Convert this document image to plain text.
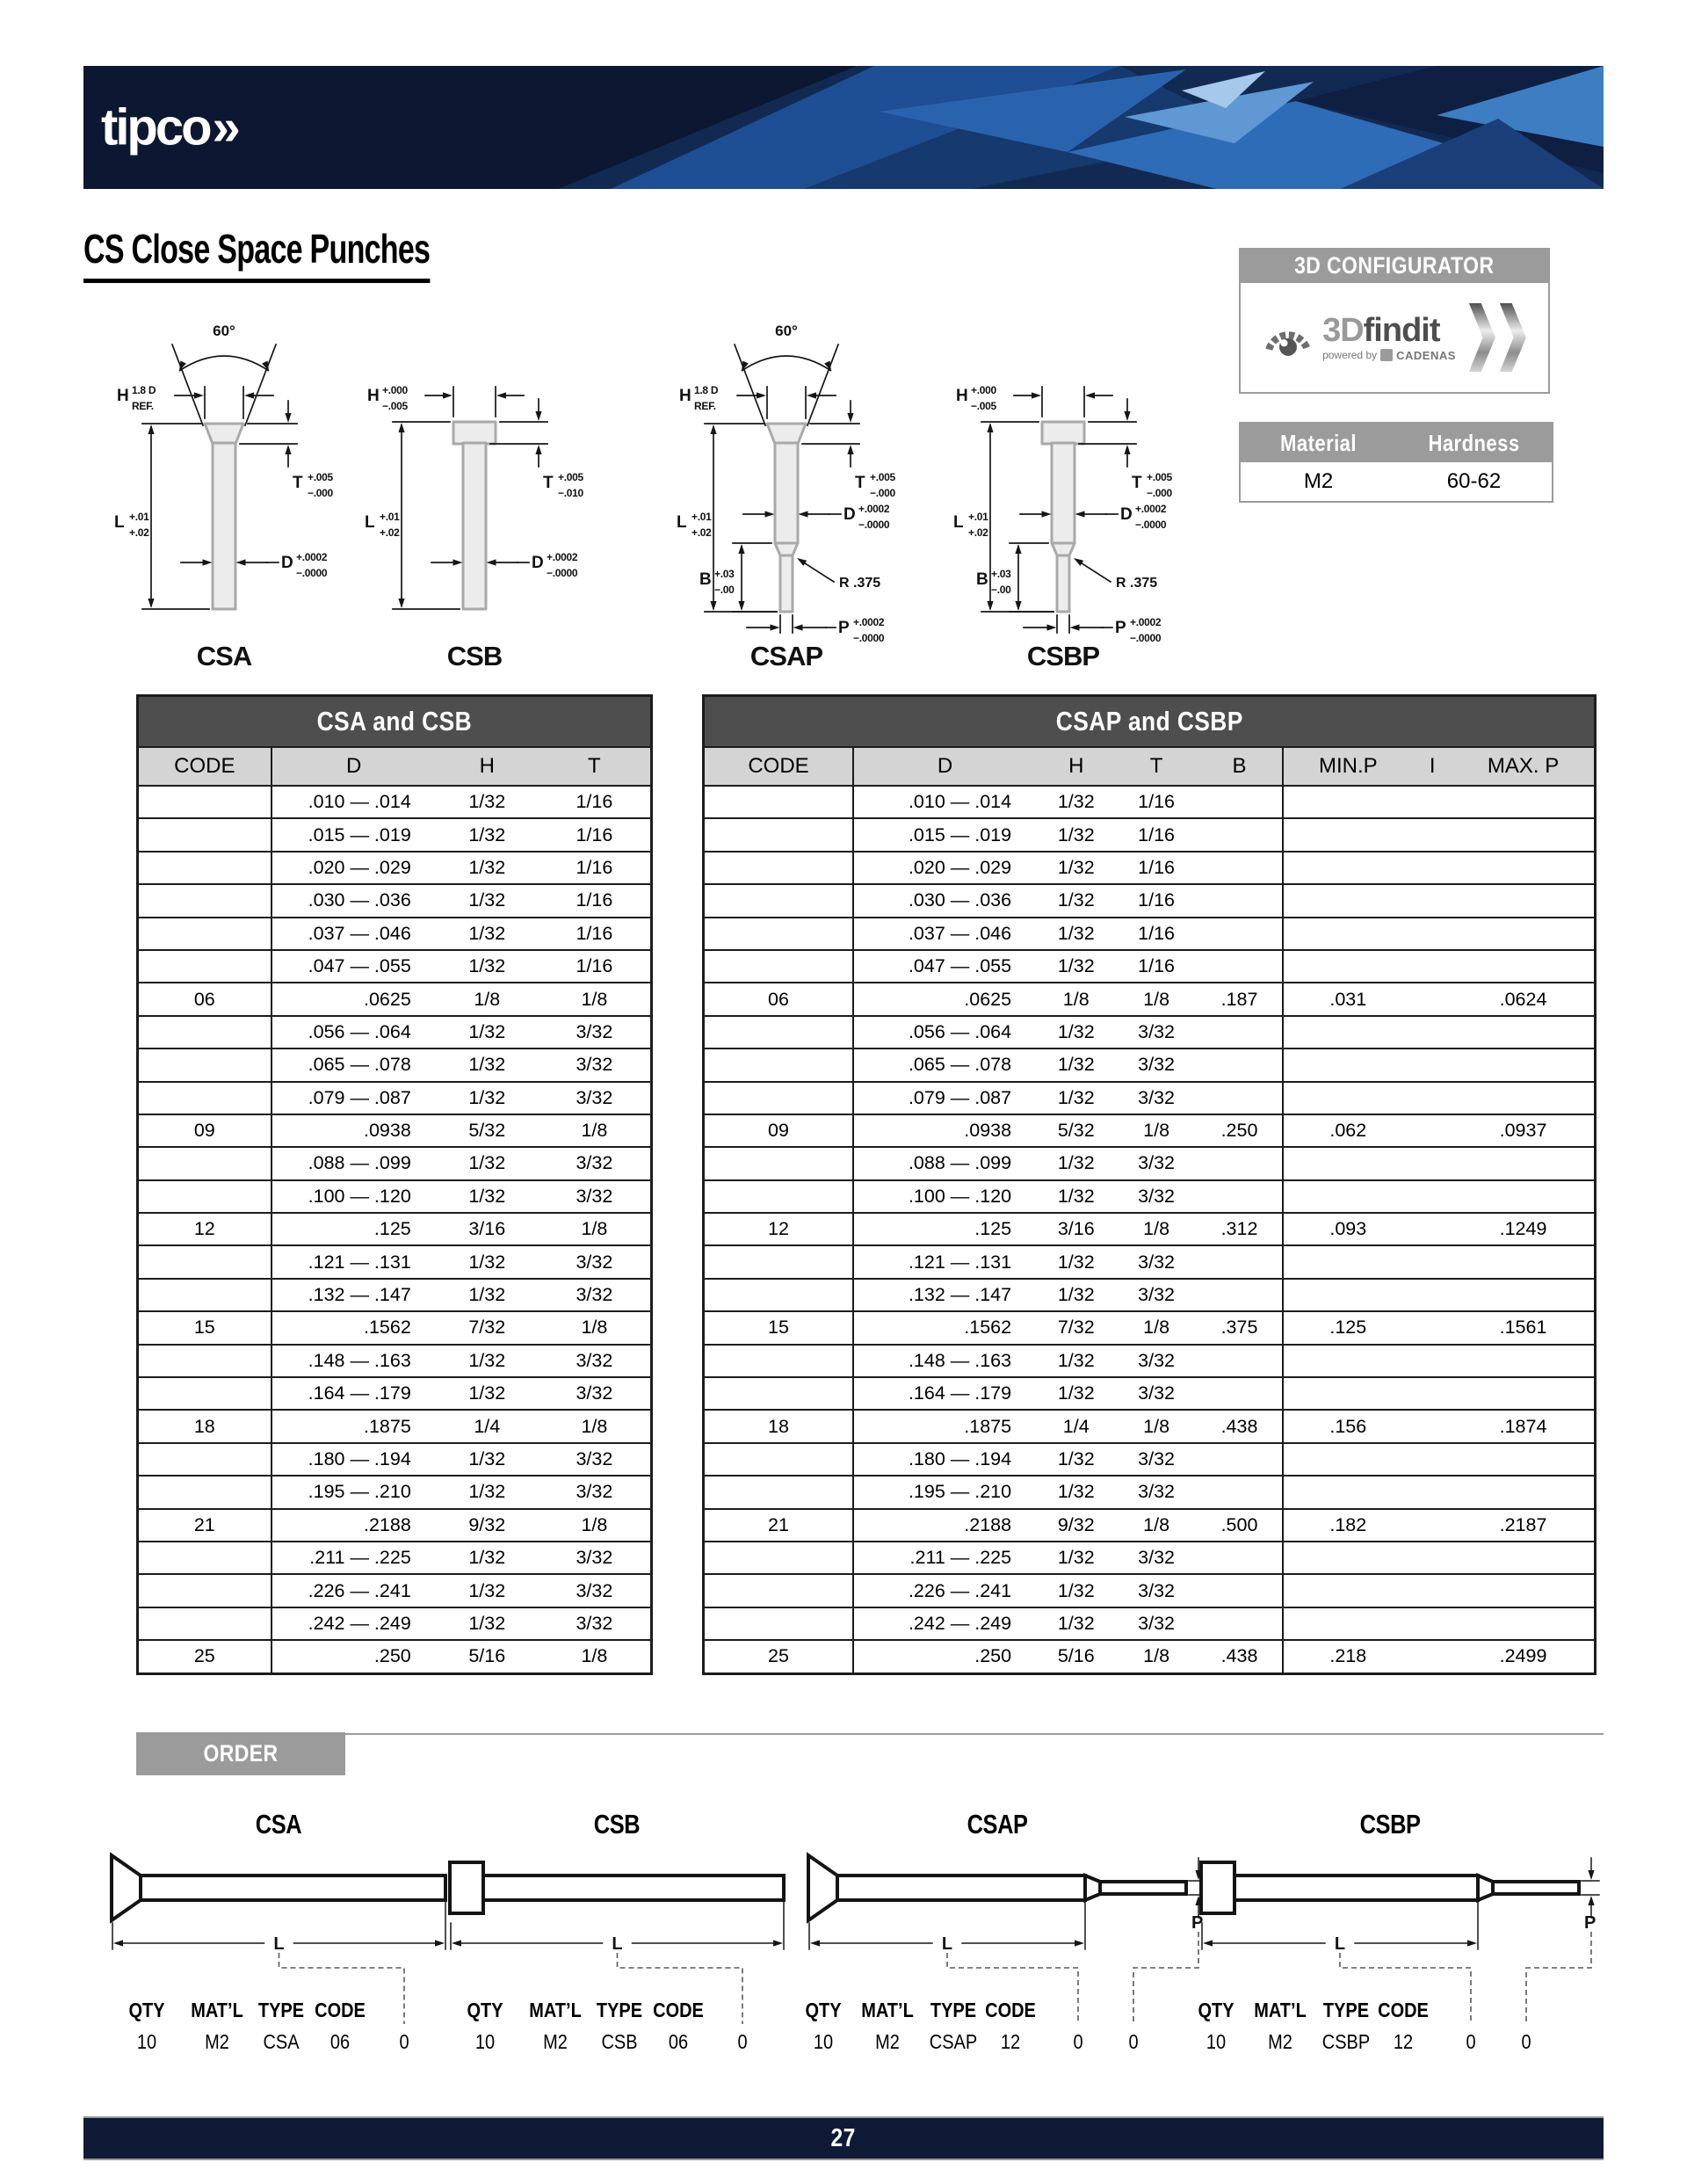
tipco»
CS Close Space Punches	3D CONFIGURATOR
3Dfindit
powered by CADENAS
Material	Hardness
M2	60-62
60°
H 1.8 D
REF.
T +.005
−.000
L +.01
+.02
D +.0002
−.0000
CSA
H +.000
−.005
T +.005
−.010
L +.01
+.02
D +.0002
−.0000
CSB
60°
H 1.8 D
REF.
T +.005
−.000
L +.01
+.02
D +.0002
−.0000
B +.03
−.00	R .375
P +.0002
−.0000
CSAP
H +.000
−.005
T +.005
−.000
L +.01
+.02
D +.0002
−.0000
B +.03
−.00	R .375
P +.0002
−.0000
CSBP
CSA and CSB			
CODE	D	H	T
	.010 — .014	1/32	1/16
	.015 — .019	1/32	1/16
	.020 — .029	1/32	1/16
	.030 — .036	1/32	1/16
	.037 — .046	1/32	1/16
	.047 — .055	1/32	1/16
06	.0625	1/8	1/8
	.056 — .064	1/32	3/32
	.065 — .078	1/32	3/32
	.079 — .087	1/32	3/32
09	.0938	5/32	1/8
	.088 — .099	1/32	3/32
	.100 — .120	1/32	3/32
12	.125	3/16	1/8
	.121 — .131	1/32	3/32
	.132 — .147	1/32	3/32
15	.1562	7/32	1/8
	.148 — .163	1/32	3/32
	.164 — .179	1/32	3/32
18	.1875	1/4	1/8
	.180 — .194	1/32	3/32
	.195 — .210	1/32	3/32
21	.2188	9/32	1/8
	.211 — .225	1/32	3/32
	.226 — .241	1/32	3/32
	.242 — .249	1/32	3/32
25	.250	5/16	1/8
CSAP and CSBP							
CODE	D	H	T	B	MIN.P	I	MAX. P
	.010 — .014	1/32	1/16				
	.015 — .019	1/32	1/16				
	.020 — .029	1/32	1/16				
	.030 — .036	1/32	1/16				
	.037 — .046	1/32	1/16				
	.047 — .055	1/32	1/16				
06	.0625	1/8	1/8	.187	.031		.0624
	.056 — .064	1/32	3/32				
	.065 — .078	1/32	3/32				
	.079 — .087	1/32	3/32				
09	.0938	5/32	1/8	.250	.062		.0937
	.088 — .099	1/32	3/32				
	.100 — .120	1/32	3/32				
12	.125	3/16	1/8	.312	.093		.1249
	.121 — .131	1/32	3/32				
	.132 — .147	1/32	3/32				
15	.1562	7/32	1/8	.375	.125		.1561
	.148 — .163	1/32	3/32				
	.164 — .179	1/32	3/32				
18	.1875	1/4	1/8	.438	.156		.1874
	.180 — .194	1/32	3/32				
	.195 — .210	1/32	3/32				
21	.2188	9/32	1/8	.500	.182		.2187
	.211 — .225	1/32	3/32				
	.226 — .241	1/32	3/32				
	.242 — .249	1/32	3/32				
25	.250	5/16	1/8	.438	.218		.2499
ORDER EXAMPLE
CSA
L
QTY MAT’L TYPE CODE
10 M2 CSA 06 0
CSB
L
QTY MAT’L TYPE CODE
10 M2 CSB 06 0
CSAP
L
P
QTY MAT’L TYPE CODE
10 M2 CSAP 12	0 0
CSBP
L
P
QTY MAT’L TYPE CODE
10 M2 CSBP 12	0 0
27
